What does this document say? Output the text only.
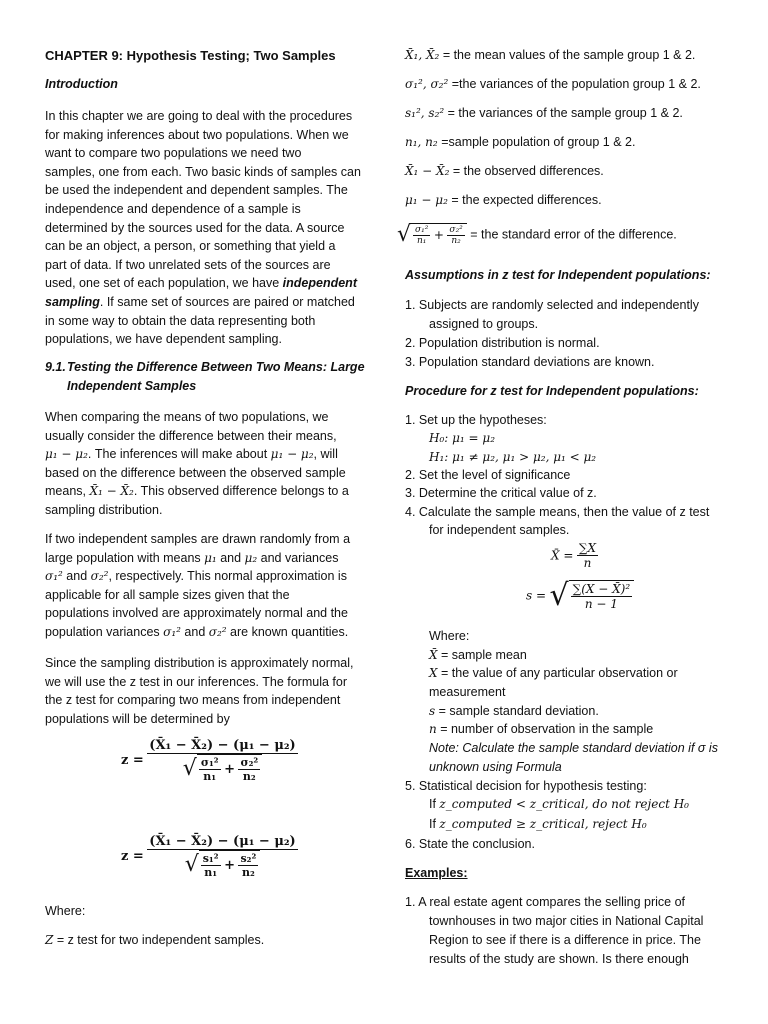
CHAPTER 9: Hypothesis Testing; Two Samples
Introduction
In this chapter we are going to deal with the procedures
for making inferences about two populations. When we
want to compare two populations we need two
samples, one from each. Two basic kinds of samples can
be used the independent and dependent samples. The
independence and dependence of a sample is
determined by the sources used for the data. A source
can be an object, a person, or something that yield a
part of data. If two unrelated sets of the sources are
used, one set of each population, we have independent
sampling. If same set of sources are paired or matched
in some way to obtain the data representing both
populations, we have dependent sampling.
9.1. Testing the Difference Between Two Means: Large
Independent Samples
When comparing the means of two populations, we
usually consider the difference between their means,
μ₁ − μ₂. The inferences will make about μ₁ − μ₂, will
based on the difference between the observed sample
means, X̄₁ − X̄₂. This observed difference belongs to a
sampling distribution.
If two independent samples are drawn randomly from a
large population with means μ₁ and μ₂ and variances
σ₁² and σ₂², respectively. This normal approximation is
applicable for all sample sizes given that the
populations involved are approximately normal and the
population variances σ₁² and σ₂² are known quantities.
Since the sampling distribution is approximately normal,
we will use the z test in our inferences. The formula for
the z test for comparing two means from independent
populations will be determined by
$z = \frac{\text{(X̄₁ − X̄₂) − (μ₁ − μ₂)}}{√ \frac{\text{σ₁²}}{\text{n₁}} + \frac{\text{σ₂²}}{\text{n₂}}}$
$z = \frac{\text{(X̄₁ − X̄₂) − (μ₁ − μ₂)}}{√ \frac{\text{s₁²}}{\text{n₁}} + \frac{\text{s₂²}}{\text{n₂}}}$
Where:
Z = z test for two independent samples.
X̄₁, X̄₂ = the mean values of the sample group 1 & 2.
σ₁², σ₂² =the variances of the population group 1 & 2.
s₁², s₂² = the variances of the sample group 1 & 2.
n₁, n₂ =sample population of group 1 & 2.
X̄₁ − X̄₂ = the observed differences.
μ₁ − μ₂ = the expected differences.
√ $\frac{\text{σ₁²}}{\text{n₁}} + \frac{\text{σ₂²}}{\text{n₂}}$ = the standard error of the difference.
Assumptions in z test for Independent populations:
1. Subjects are randomly selected and independently
assigned to groups.
2. Population distribution is normal.
3. Population standard deviations are known.
Procedure for z test for Independent populations:
1. Set up the hypotheses:
H₀: μ₁ = μ₂
H₁: μ₁ ≠ μ₂, μ₁ > μ₂, μ₁ < μ₂
2. Set the level of significance
3. Determine the critical value of z.
4. Calculate the sample means, then the value of z test
for independent samples.
X̄ = $\frac{\sum X}{n}$
s = √ $\frac{\text{∑(X − X̄)²}}{n - 1}$
Where:
X̄ = sample mean
X = the value of any particular observation or
measurement
s = sample standard deviation.
n = number of observation in the sample
Note: Calculate the sample standard deviation if σ is
unknown using Formula
5. Statistical decision for hypothesis testing:
If z_computed < z_critical, do not reject H₀
If z_computed ≥ z_critical, reject H₀
6. State the conclusion.
Examples:
1. A real estate agent compares the selling price of
townhouses in two major cities in National Capital
Region to see if there is a difference in price. The
results of the study are shown. Is there enough
